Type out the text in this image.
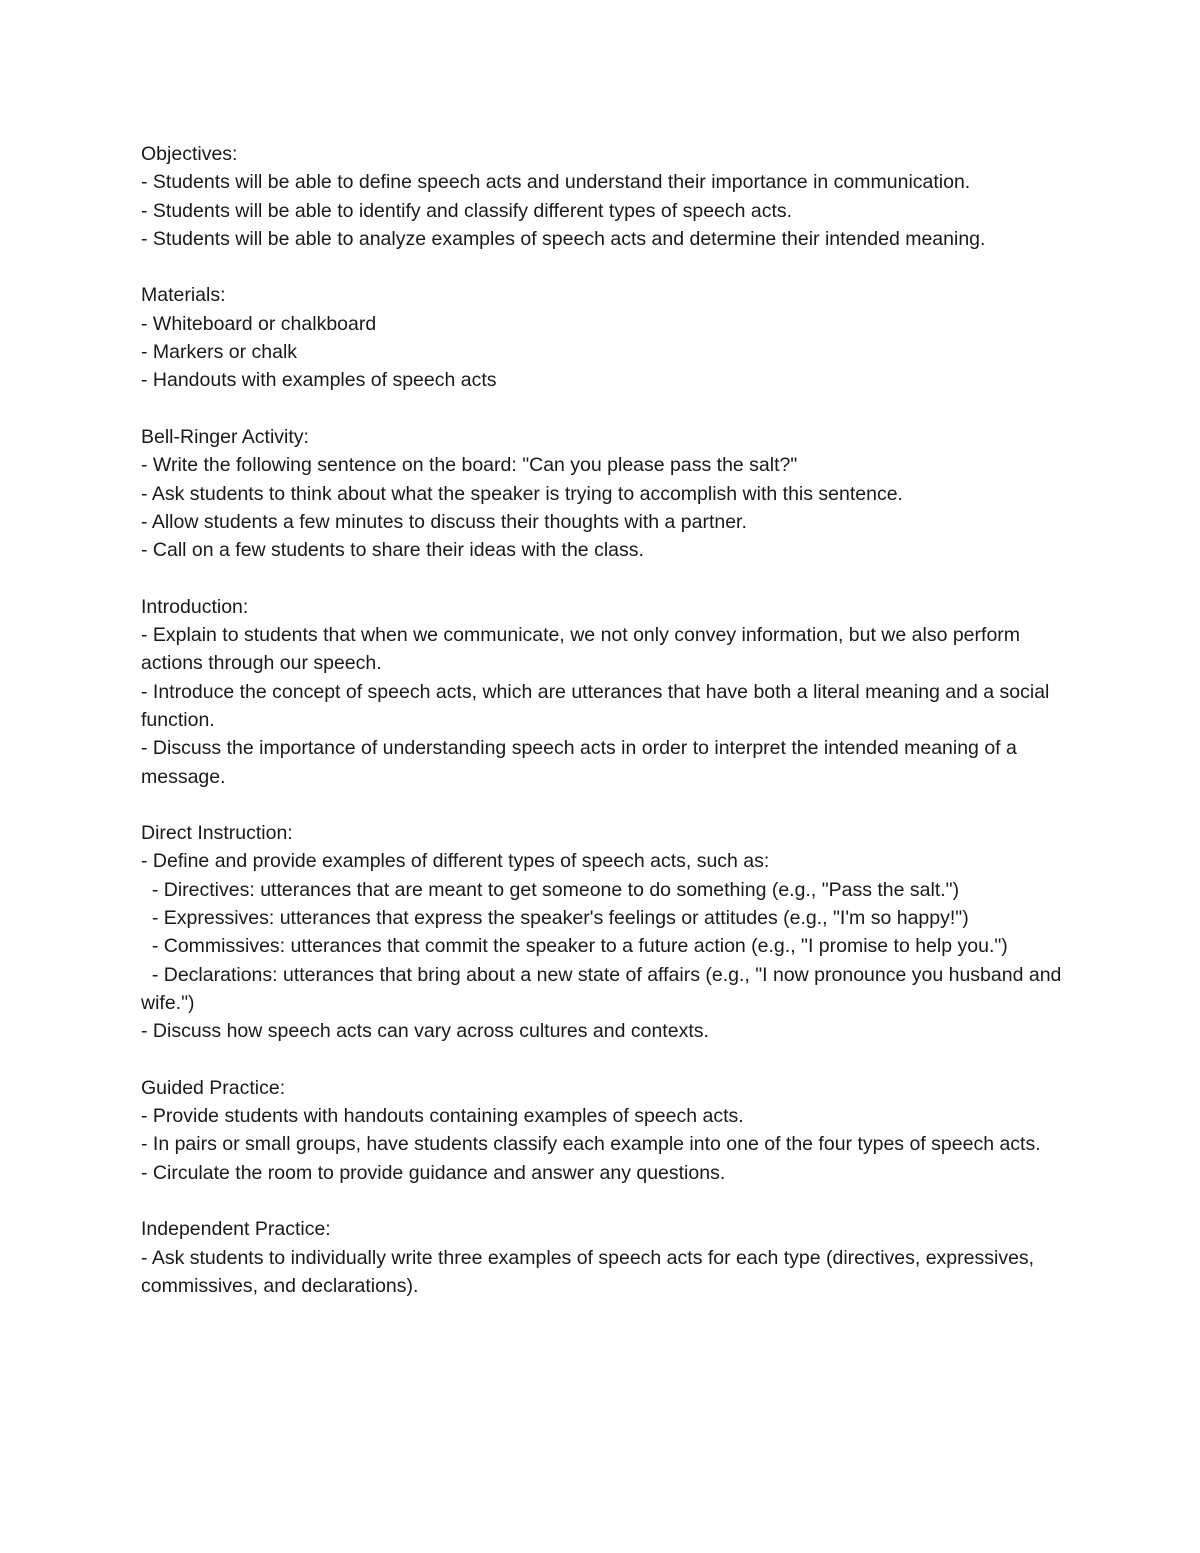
Objectives:

- Students will be able to define speech acts and understand their importance in communication.

- Students will be able to identify and classify different types of speech acts.

- Students will be able to analyze examples of speech acts and determine their intended meaning.

Materials:

- Whiteboard or chalkboard

- Markers or chalk

- Handouts with examples of speech acts

Bell-Ringer Activity:

- Write the following sentence on the board: "Can you please pass the salt?"

- Ask students to think about what the speaker is trying to accomplish with this sentence.

- Allow students a few minutes to discuss their thoughts with a partner.

- Call on a few students to share their ideas with the class.

Introduction:

- Explain to students that when we communicate, we not only convey information, but we also perform actions through our speech.

- Introduce the concept of speech acts, which are utterances that have both a literal meaning and a social function.

- Discuss the importance of understanding speech acts in order to interpret the intended meaning of a message.

Direct Instruction:

- Define and provide examples of different types of speech acts, such as:

- Directives: utterances that are meant to get someone to do something (e.g., "Pass the salt.")

- Expressives: utterances that express the speaker's feelings or attitudes (e.g., "I'm so happy!")

- Commissives: utterances that commit the speaker to a future action (e.g., "I promise to help you.")

- Declarations: utterances that bring about a new state of affairs (e.g., "I now pronounce you husband and wife.")

- Discuss how speech acts can vary across cultures and contexts.

Guided Practice:

- Provide students with handouts containing examples of speech acts.

- In pairs or small groups, have students classify each example into one of the four types of speech acts.

- Circulate the room to provide guidance and answer any questions.

Independent Practice:

- Ask students to individually write three examples of speech acts for each type (directives, expressives, commissives, and declarations).
